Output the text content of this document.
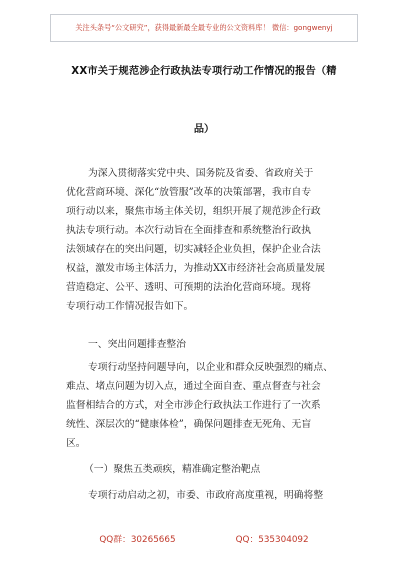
关注头条号“公文研究”，获得最新最全最专业的公文资料库！ 微信：gongwenyj
XX市关于规范涉企行政执法专项行动工作情况的报告（精
品）
为深入贯彻落实党中央、国务院及省委、省政府关于
优化营商环境、深化“放管服”改革的决策部署，我市自专
项行动以来，聚焦市场主体关切，组织开展了规范涉企行政
执法专项行动。本次行动旨在全面排查和系统整治行政执
法领域存在的突出问题，切实减轻企业负担，保护企业合法
权益，激发市场主体活力，为推动XX市经济社会高质量发展
营造稳定、公平、透明、可预期的法治化营商环境。现将
专项行动工作情况报告如下。
一、突出问题排查整治
专项行动坚持问题导向，以企业和群众反映强烈的痛点、
难点、堵点问题为切入点，通过全面自查、重点督查与社会
监督相结合的方式，对全市涉企行政执法工作进行了一次系
统性、深层次的“健康体检”，确保问题排查无死角、无盲
区。
（一）聚焦五类顽疾，精准确定整治靶点
专项行动启动之初，市委、市政府高度重视，明确将整
QQ群：30265665	QQ：535304092
